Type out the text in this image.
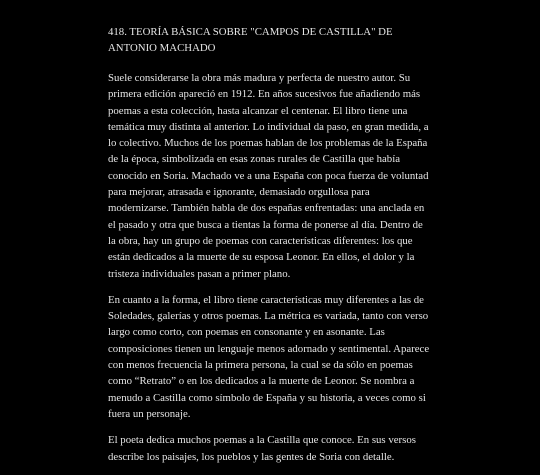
418. TEORÍA BÁSICA SOBRE "CAMPOS DE CASTILLA" DE ANTONIO MACHADO

Suele considerarse la obra más madura y perfecta de nuestro autor. Su primera edición apareció en 1912. En años sucesivos fue añadiendo más poemas a esta colección, hasta alcanzar el centenar. El libro tiene una temática muy distinta al anterior. Lo individual da paso, en gran medida, a lo colectivo. Muchos de los poemas hablan de los problemas de la España de la época, simbolizada en esas zonas rurales de Castilla que había conocido en Soria. Machado ve a una España con poca fuerza de voluntad para mejorar, atrasada e ignorante, demasiado orgullosa para modernizarse. También habla de dos españas enfrentadas: una anclada en el pasado y otra que busca a tientas la forma de ponerse al día. Dentro de la obra, hay un grupo de poemas con características diferentes: los que están dedicados a la muerte de su esposa Leonor. En ellos, el dolor y la tristeza individuales pasan a primer plano.

En cuanto a la forma, el libro tiene características muy diferentes a las de Soledades, galerías y otros poemas. La métrica es variada, tanto con verso largo como corto, con poemas en consonante y en asonante. Las composiciones tienen un lenguaje menos adornado y sentimental. Aparece con menos frecuencia la primera persona, la cual se da sólo en poemas como “Retrato” o en los dedicados a la muerte de Leonor. Se nombra a menudo a Castilla como símbolo de España y su historia, a veces como si fuera un personaje.

El poeta dedica muchos poemas a la Castilla que conoce. En sus versos describe los paisajes, los pueblos y las gentes de Soria con detalle.
